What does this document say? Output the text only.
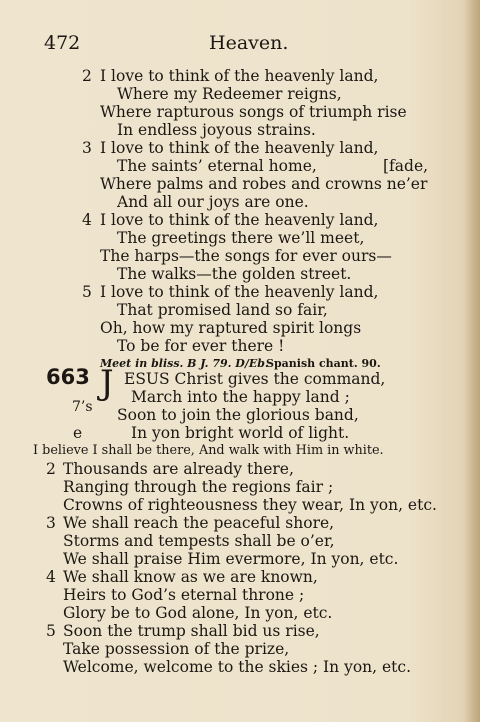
472	Heaven.
2 I love to think of the heavenly land,
Where my Redeemer reigns,
Where rapturous songs of triumph rise
In endless joyous strains.
3 I love to think of the heavenly land,
The saints’ eternal home,	[fade,
Where palms and robes and crowns ne’er
And all our joys are one.
4 I love to think of the heavenly land,
The greetings there we’ll meet,
The harps—the songs for ever ours—
The walks—the golden street.
5 I love to think of the heavenly land,
That promised land so fair,
Oh, how my raptured spirit longs
To be for ever there !
Meet in bliss. B J. 79. D/Eb.
Spanish chant. 90.
663 J ESUS Christ gives the command,
March into the happy land ;
7’s Soon to join the glorious band,
e	In yon bright world of light.
I believe I shall be there, And walk with Him in white.
2 Thousands are already there,
Ranging through the regions fair ;
Crowns of righteousness they wear, In yon, etc.
3 We shall reach the peaceful shore,
Storms and tempests shall be o’er,
We shall praise Him evermore, In yon, etc.
4 We shall know as we are known,
Heirs to God’s eternal throne ;
Glory be to God alone, In yon, etc.
5 Soon the trump shall bid us rise,
Take possession of the prize,
Welcome, welcome to the skies ; In yon, etc.
